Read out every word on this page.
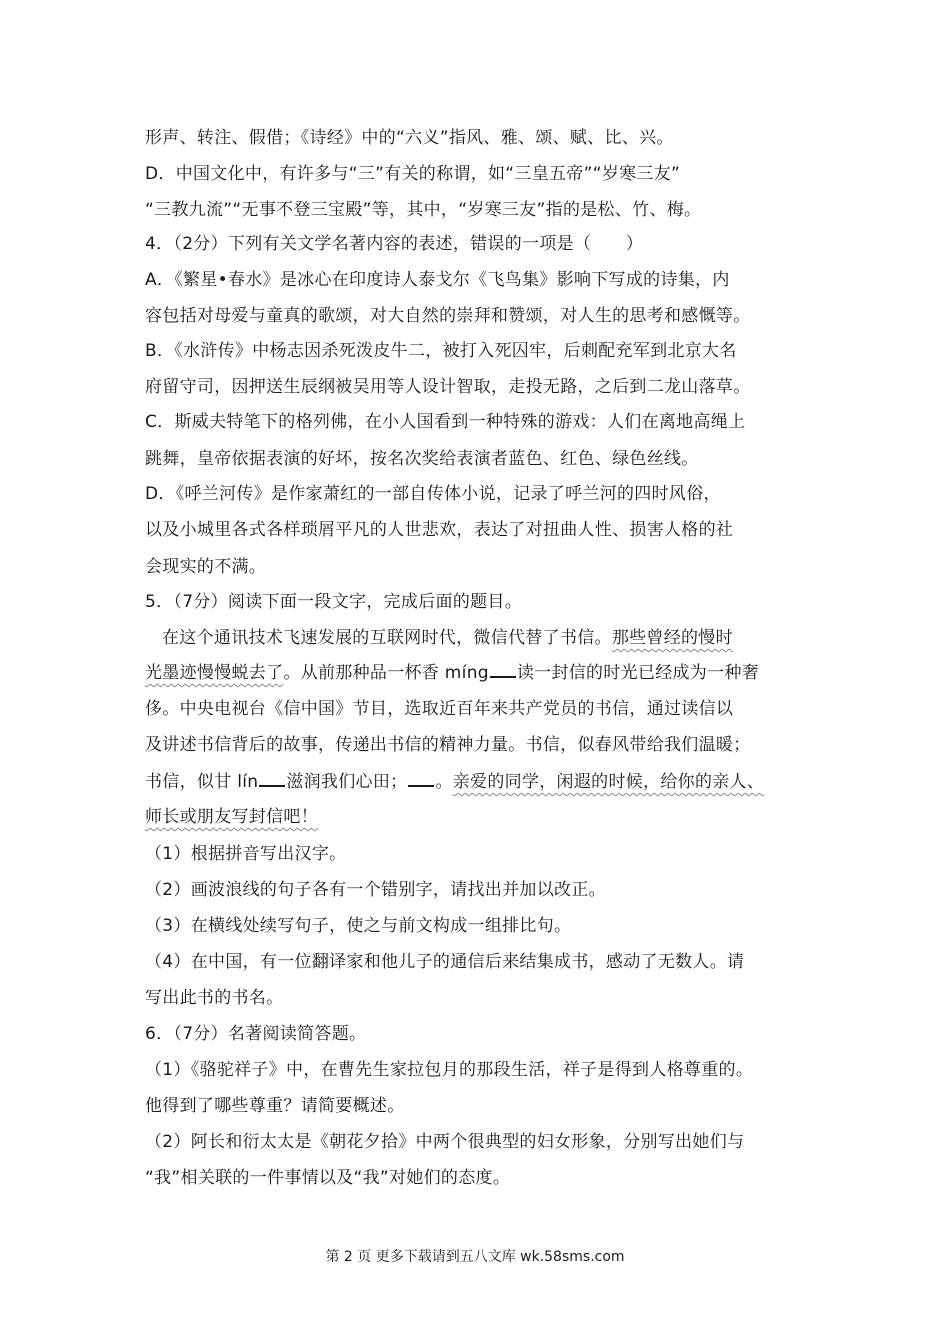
形声、转注、假借；《诗经》中的“六义”指风、雅、颂、赋、比、兴。
D．中国文化中，有许多与“三”有关的称谓，如“三皇五帝”“岁寒三友”
“三教九流”“无事不登三宝殿”等，其中，“岁寒三友”指的是松、竹、梅。
4．（2分）下列有关文学名著内容的表述，错误的一项是（　　）
A．《繁星•春水》是冰心在印度诗人泰戈尔《飞鸟集》影响下写成的诗集，内
容包括对母爱与童真的歌颂，对大自然的崇拜和赞颂，对人生的思考和感慨等。
B．《水浒传》中杨志因杀死泼皮牛二，被打入死囚牢，后刺配充军到北京大名
府留守司，因押送生辰纲被吴用等人设计智取，走投无路，之后到二龙山落草。
C．斯威夫特笔下的格列佛，在小人国看到一种特殊的游戏：人们在离地高绳上
跳舞，皇帝依据表演的好坏，按名次奖给表演者蓝色、红色、绿色丝线。
D．《呼兰河传》是作家萧红的一部自传体小说，记录了呼兰河的四时风俗，
以及小城里各式各样琐屑平凡的人世悲欢，表达了对扭曲人性、损害人格的社
会现实的不满。
5．（7分）阅读下面一段文字，完成后面的题目。
在这个通讯技术飞速发展的互联网时代，微信代替了书信。那些曾经的慢时
光墨迹慢慢蜕去了。从前那种品一杯香 míng 读一封信的时光已经成为一种奢
侈。中央电视台《信中国》节目，选取近百年来共产党员的书信，通过读信以
及讲述书信背后的故事，传递出书信的精神力量。书信，似春风带给我们温暖；
书信，似甘 lín 滋润我们心田； 。亲爱的同学，闲遐的时候，给你的亲人、
师长或朋友写封信吧！
（1）根据拼音写出汉字。
（2）画波浪线的句子各有一个错别字，请找出并加以改正。
（3）在横线处续写句子，使之与前文构成一组排比句。
（4）在中国，有一位翻译家和他儿子的通信后来结集成书，感动了无数人。请
写出此书的书名。
6．（7分）名著阅读简答题。
（1）《骆驼祥子》中，在曹先生家拉包月的那段生活，祥子是得到人格尊重的。
他得到了哪些尊重？请简要概述。
（2）阿长和衍太太是《朝花夕拾》中两个很典型的妇女形象，分别写出她们与
“我”相关联的一件事情以及“我”对她们的态度。
第 2 页 更多下载请到五八文库 wk.58sms.com
